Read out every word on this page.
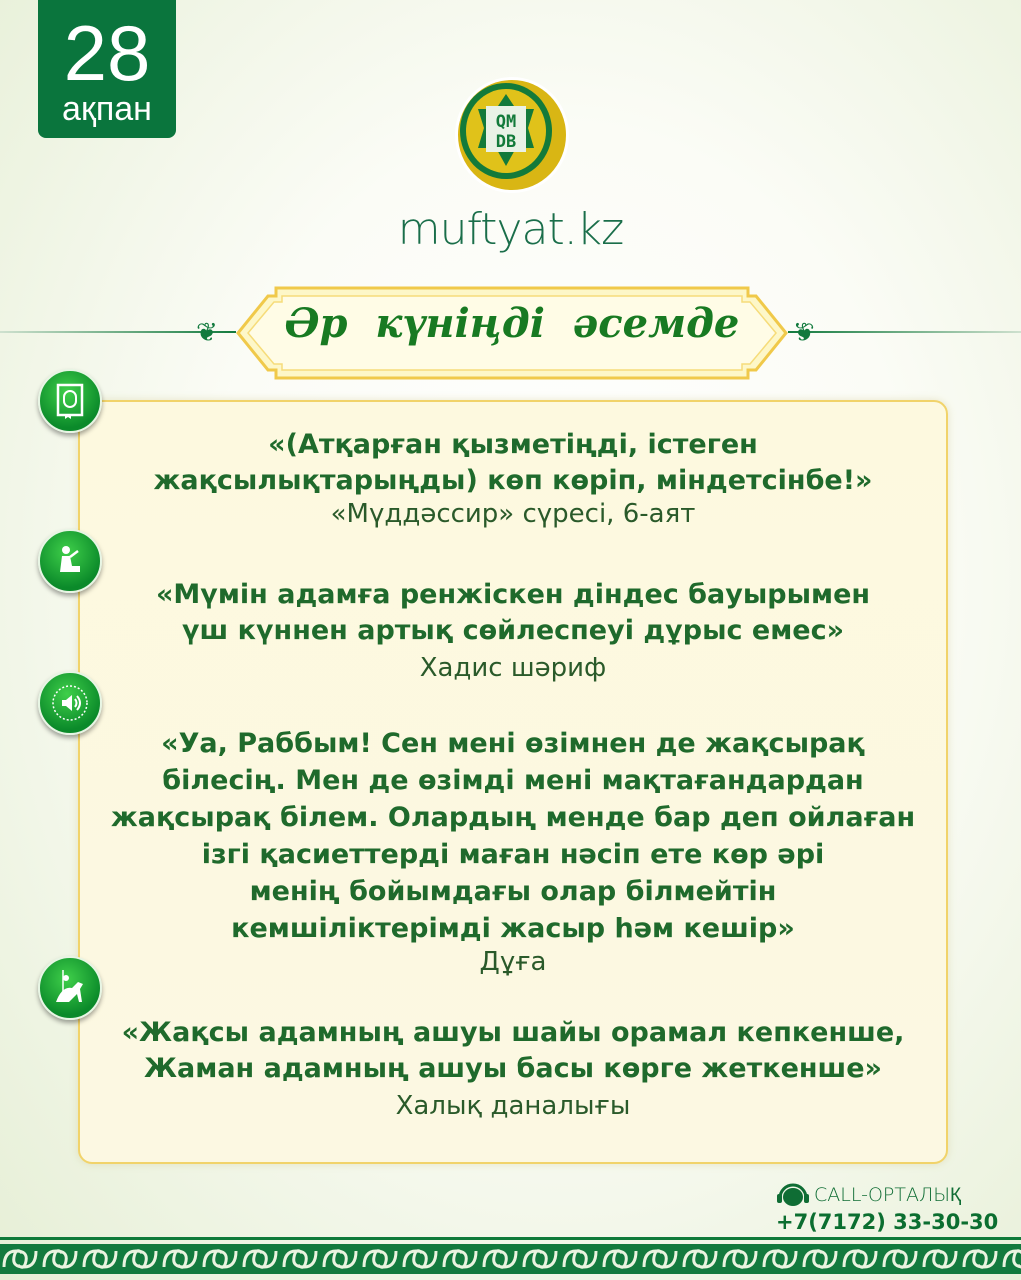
28
ақпан	QM
DB
muftyat.kz
❦	❦
Әр күніңді әсемде
«(Атқарған қызметіңді, істеген
жақсылықтарыңды) көп көріп, міндетсінбе!»
«Мүддәссир» сүресі, 6-аят
«Мүмін адамға ренжіскен діндес бауырымен
үш күннен артық сөйлеспеуі дұрыс емес»
Хадис шәриф
«Уа, Раббым! Сен мені өзімнен де жақсырақ
білесің. Мен де өзімді мені мақтағандардан
жақсырақ білем. Олардың менде бар деп ойлаған
ізгі қасиеттерді маған нәсіп ете көр әрі
менің бойымдағы олар білмейтін
кемшіліктерімді жасыр һәм кешір»
Дұға
«Жақсы адамның ашуы шайы орамал кепкенше,
Жаман адамның ашуы басы көрге жеткенше»
Халық даналығы
CALL-ОРТАЛЫҚ
+7(7172) 33-30-30
